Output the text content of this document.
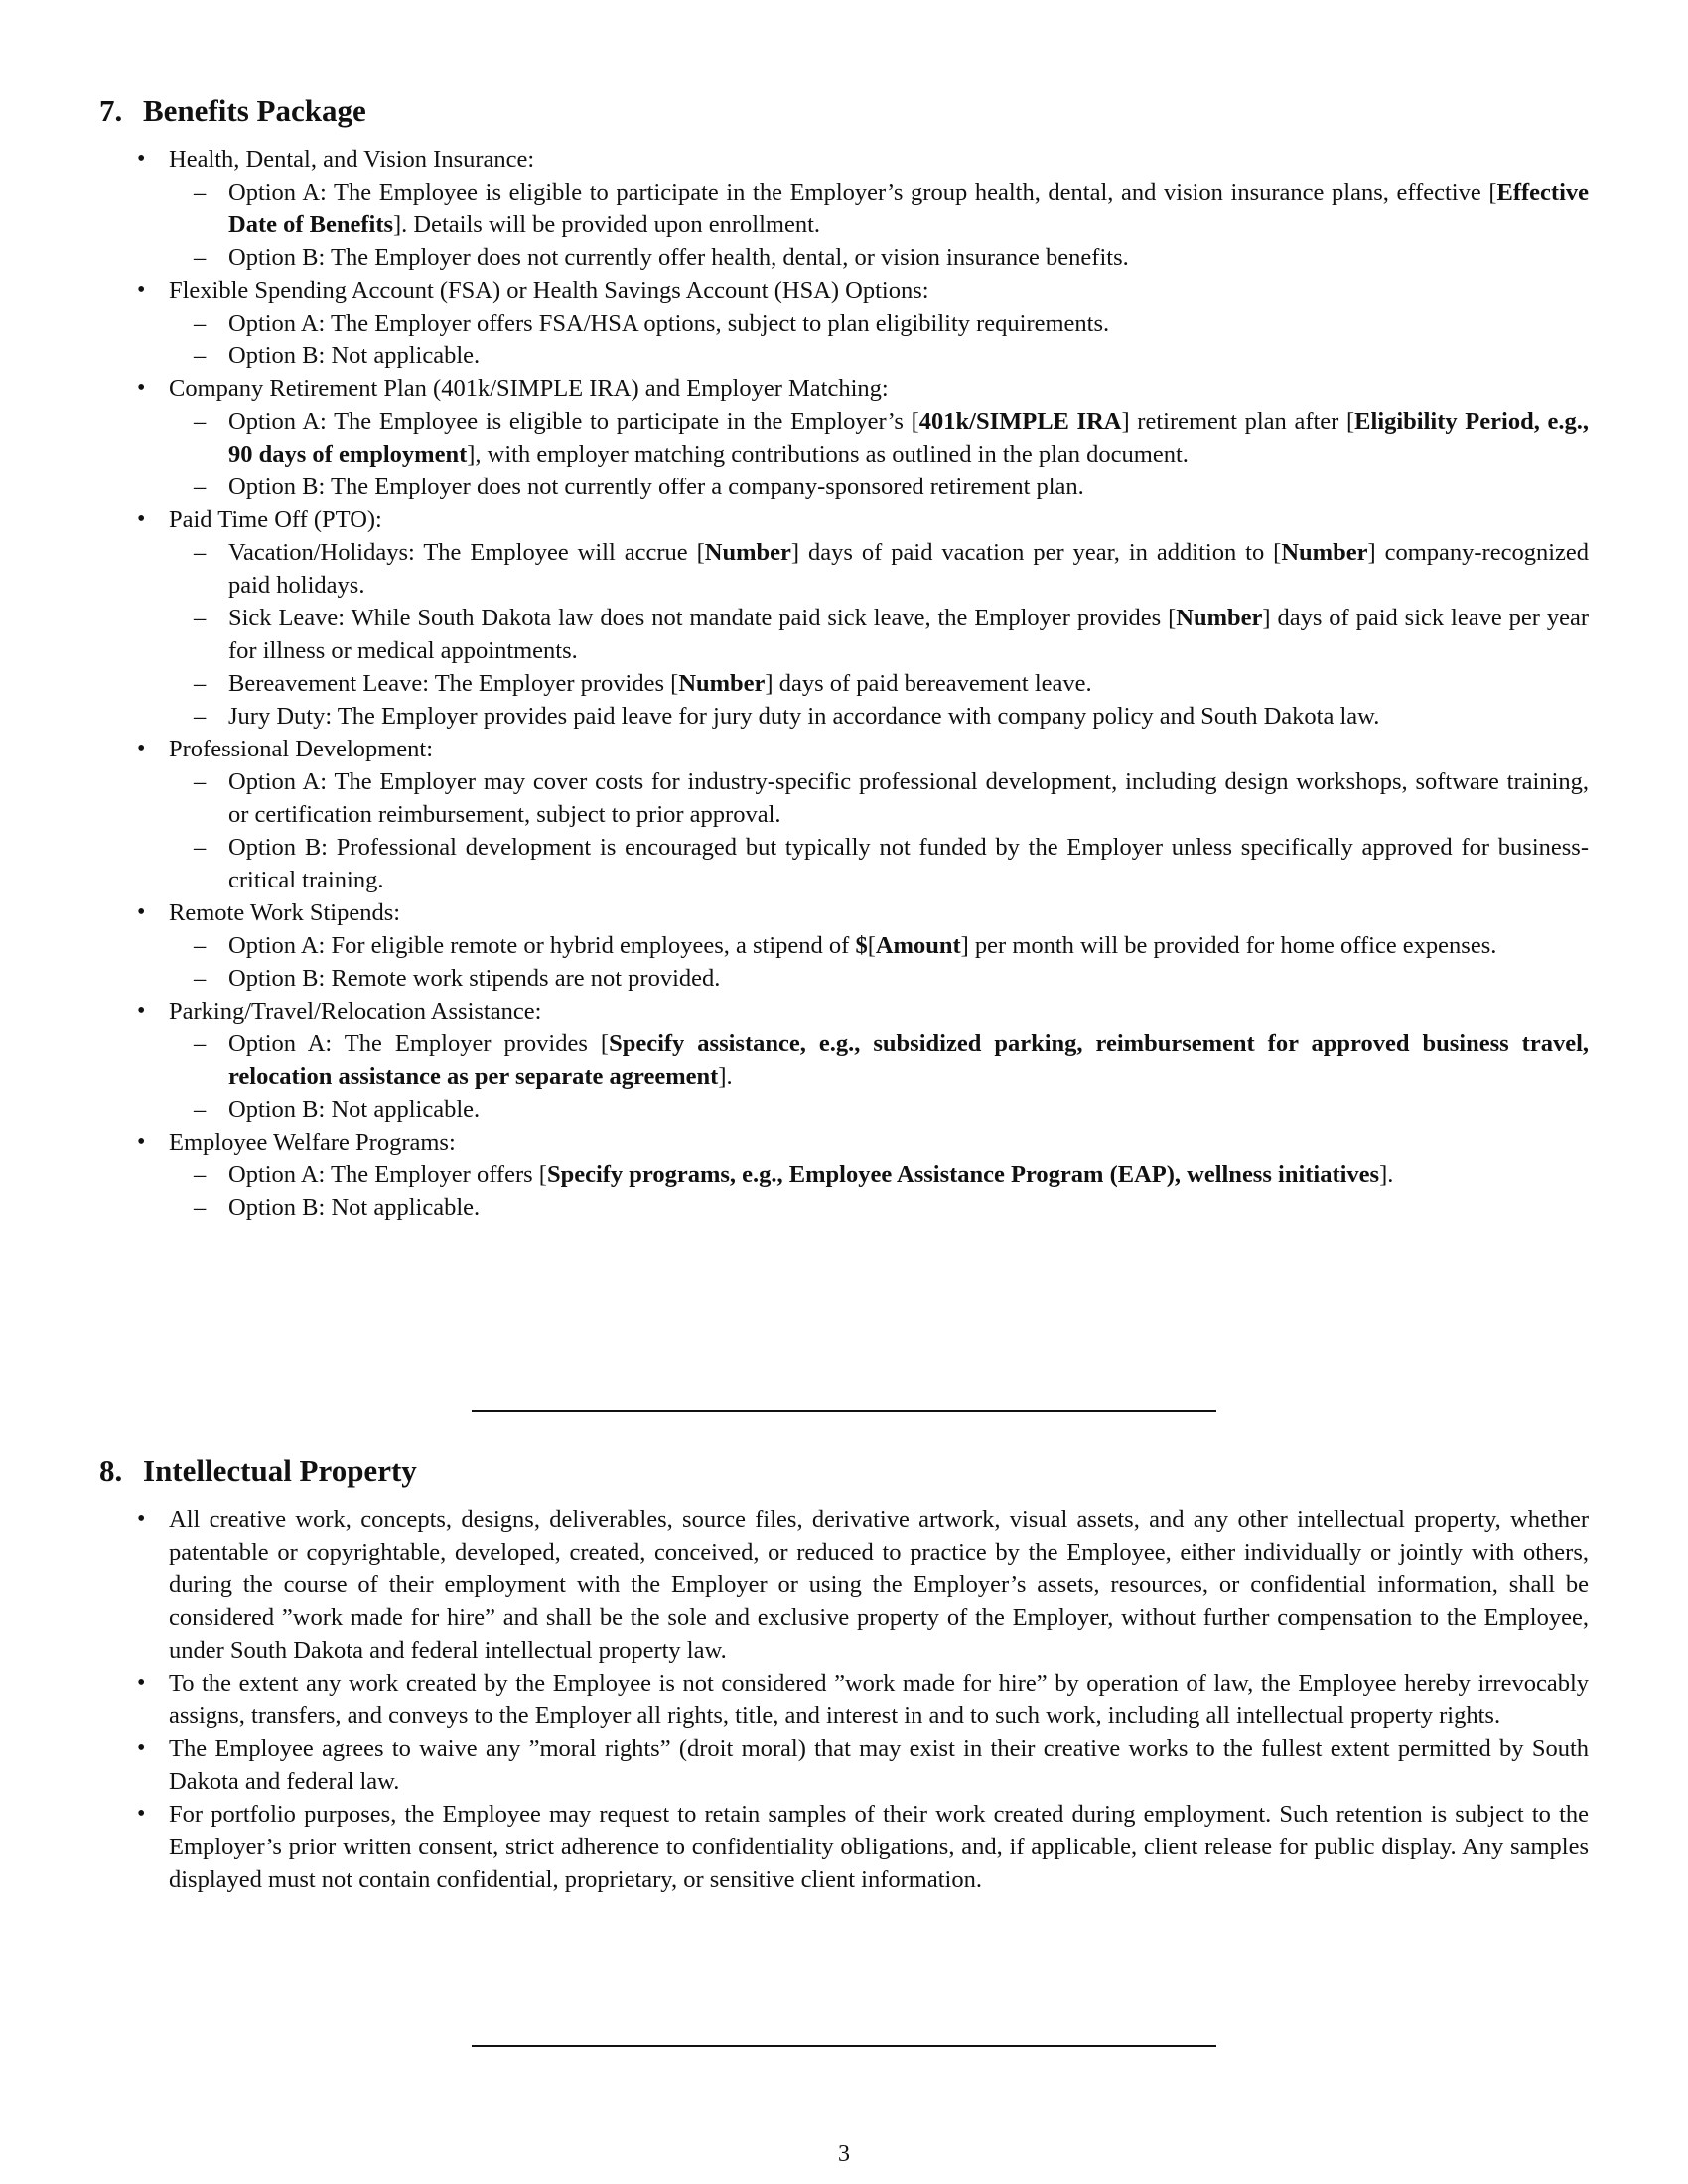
7. Benefits Package
• Health, Dental, and Vision Insurance:
– Option A: The Employee is eligible to participate in the Employer’s group health, dental, and vision insurance plans, effective [Effective Date of Benefits]. Details will be provided upon enrollment.
– Option B: The Employer does not currently offer health, dental, or vision insurance benefits.
• Flexible Spending Account (FSA) or Health Savings Account (HSA) Options:
– Option A: The Employer offers FSA/HSA options, subject to plan eligibility requirements.
– Option B: Not applicable.
• Company Retirement Plan (401k/SIMPLE IRA) and Employer Matching:
– Option A: The Employee is eligible to participate in the Employer’s [401k/SIMPLE IRA] retirement plan after [Eligibility Period, e.g., 90 days of employment], with employer matching contributions as outlined in the plan document.
– Option B: The Employer does not currently offer a company-sponsored retirement plan.
• Paid Time Off (PTO):
– Vacation/Holidays: The Employee will accrue [Number] days of paid vacation per year, in addition to [Number] company-recognized paid holidays.
– Sick Leave: While South Dakota law does not mandate paid sick leave, the Employer provides [Number] days of paid sick leave per year for illness or medical appointments.
– Bereavement Leave: The Employer provides [Number] days of paid bereavement leave.
– Jury Duty: The Employer provides paid leave for jury duty in accordance with company policy and South Dakota law.
• Professional Development:
– Option A: The Employer may cover costs for industry-specific professional development, including design workshops, software training, or certification reimbursement, subject to prior approval.
– Option B: Professional development is encouraged but typically not funded by the Employer unless specifically approved for business-critical training.
• Remote Work Stipends:
– Option A: For eligible remote or hybrid employees, a stipend of $[Amount] per month will be provided for home office expenses.
– Option B: Remote work stipends are not provided.
• Parking/Travel/Relocation Assistance:
– Option A: The Employer provides [Specify assistance, e.g., subsidized parking, reimbursement for approved business travel, relocation assistance as per separate agreement].
– Option B: Not applicable.
• Employee Welfare Programs:
– Option A: The Employer offers [Specify programs, e.g., Employee Assistance Program (EAP), wellness initiatives].
– Option B: Not applicable.
8. Intellectual Property
• All creative work, concepts, designs, deliverables, source files, derivative artwork, visual assets, and any other intellectual property, whether patentable or copyrightable, developed, created, conceived, or reduced to practice by the Employee, either individually or jointly with others, during the course of their employment with the Employer or using the Employer’s assets, resources, or confidential information, shall be considered ”work made for hire” and shall be the sole and exclusive property of the Employer, without further compensation to the Employee, under South Dakota and federal intellectual property law.
• To the extent any work created by the Employee is not considered ”work made for hire” by operation of law, the Employee hereby irrevocably assigns, transfers, and conveys to the Employer all rights, title, and interest in and to such work, including all intellectual property rights.
• The Employee agrees to waive any ”moral rights” (droit moral) that may exist in their creative works to the fullest extent permitted by South Dakota and federal law.
• For portfolio purposes, the Employee may request to retain samples of their work created during employment. Such retention is subject to the Employer’s prior written consent, strict adherence to confidentiality obligations, and, if applicable, client release for public display. Any samples displayed must not contain confidential, proprietary, or sensitive client information.
3
